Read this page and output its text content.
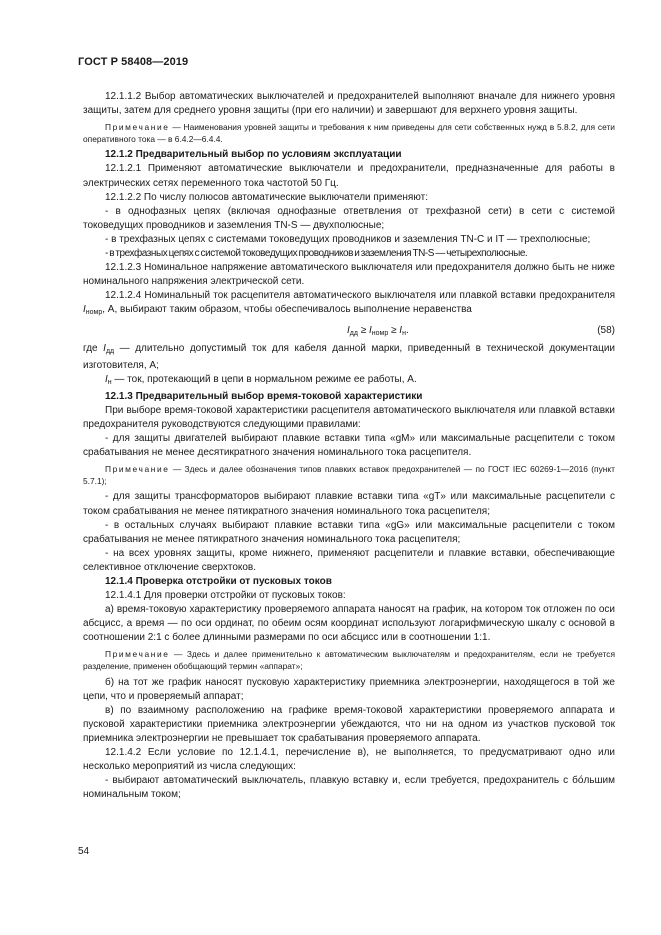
ГОСТ Р 58408—2019

12.1.1.2 Выбор автоматических выключателей и предохранителей выполняют вначале для нижнего уровня защиты, затем для среднего уровня защиты (при его наличии) и завершают для верхнего уровня защиты.

Примечание — Наименования уровней защиты и требования к ним приведены для сети собственных нужд в 5.8.2, для сети оперативного тока — в 6.4.2—6.4.4.

12.1.2 Предварительный выбор по условиям эксплуатации

12.1.2.1 Применяют автоматические выключатели и предохранители, предназначенные для работы в электрических сетях переменного тока частотой 50 Гц.

12.1.2.2 По числу полюсов автоматические выключатели применяют:

- в однофазных цепях (включая однофазные ответвления от трехфазной сети) в сети с системой токоведущих проводников и заземления TN-S — двухполюсные;

- в трехфазных цепях с системами токоведущих проводников и заземления TN-C и IT — трехполюсные;

- в трехфазных цепях с системой токоведущих проводников и заземления TN-S — четырехполюсные.

12.1.2.3 Номинальное напряжение автоматического выключателя или предохранителя должно быть не ниже номинального напряжения электрической сети.

12.1.2.4 Номинальный ток расцепителя автоматического выключателя или плавкой вставки предохранителя $I_{номр}$, А, выбирают таким образом, чтобы обеспечивалось выполнение неравенства

$I_{дд} \ge I_{номр} \ge I_н$.	(58)

где $I_{дд}$ — длительно допустимый ток для кабеля данной марки, приведенный в технической документации изготовителя, А;

$I_н$ — ток, протекающий в цепи в нормальном режиме ее работы, А.

12.1.3 Предварительный выбор время-токовой характеристики

При выборе время-токовой характеристики расцепителя автоматического выключателя или плавкой вставки предохранителя руководствуются следующими правилами:

- для защиты двигателей выбирают плавкие вставки типа «gM» или максимальные расцепители с током срабатывания не менее десятикратного значения номинального тока расцепителя.

Примечание — Здесь и далее обозначения типов плавких вставок предохранителей — по ГОСТ IEC 60269-1—2016 (пункт 5.7.1);

- для защиты трансформаторов выбирают плавкие вставки типа «gT» или максимальные расцепители с током срабатывания не менее пятикратного значения номинального тока расцепителя;

- в остальных случаях выбирают плавкие вставки типа «gG» или максимальные расцепители с током срабатывания не менее пятикратного значения номинального тока расцепителя;

- на всех уровнях защиты, кроме нижнего, применяют расцепители и плавкие вставки, обеспечивающие селективное отключение сверхтоков.

12.1.4 Проверка отстройки от пусковых токов

12.1.4.1 Для проверки отстройки от пусковых токов:

а) время-токовую характеристику проверяемого аппарата наносят на график, на котором ток отложен по оси абсцисс, а время — по оси ординат, по обеим осям координат используют логарифмическую шкалу с основой в соотношении 2:1 с более длинными размерами по оси абсцисс или в соотношении 1:1.

Примечание — Здесь и далее применительно к автоматическим выключателям и предохранителям, если не требуется разделение, применен обобщающий термин «аппарат»;

б) на тот же график наносят пусковую характеристику приемника электроэнергии, находящегося в той же цепи, что и проверяемый аппарат;

в) по взаимному расположению на графике время-токовой характеристики проверяемого аппарата и пусковой характеристики приемника электроэнергии убеждаются, что ни на одном из участков пусковой ток приемника электроэнергии не превышает ток срабатывания проверяемого аппарата.

12.1.4.2 Если условие по 12.1.4.1, перечисление в), не выполняется, то предусматривают одно или несколько мероприятий из числа следующих:

- выбирают автоматический выключатель, плавкую вставку и, если требуется, предохранитель с бо́льшим номинальным током;

54
